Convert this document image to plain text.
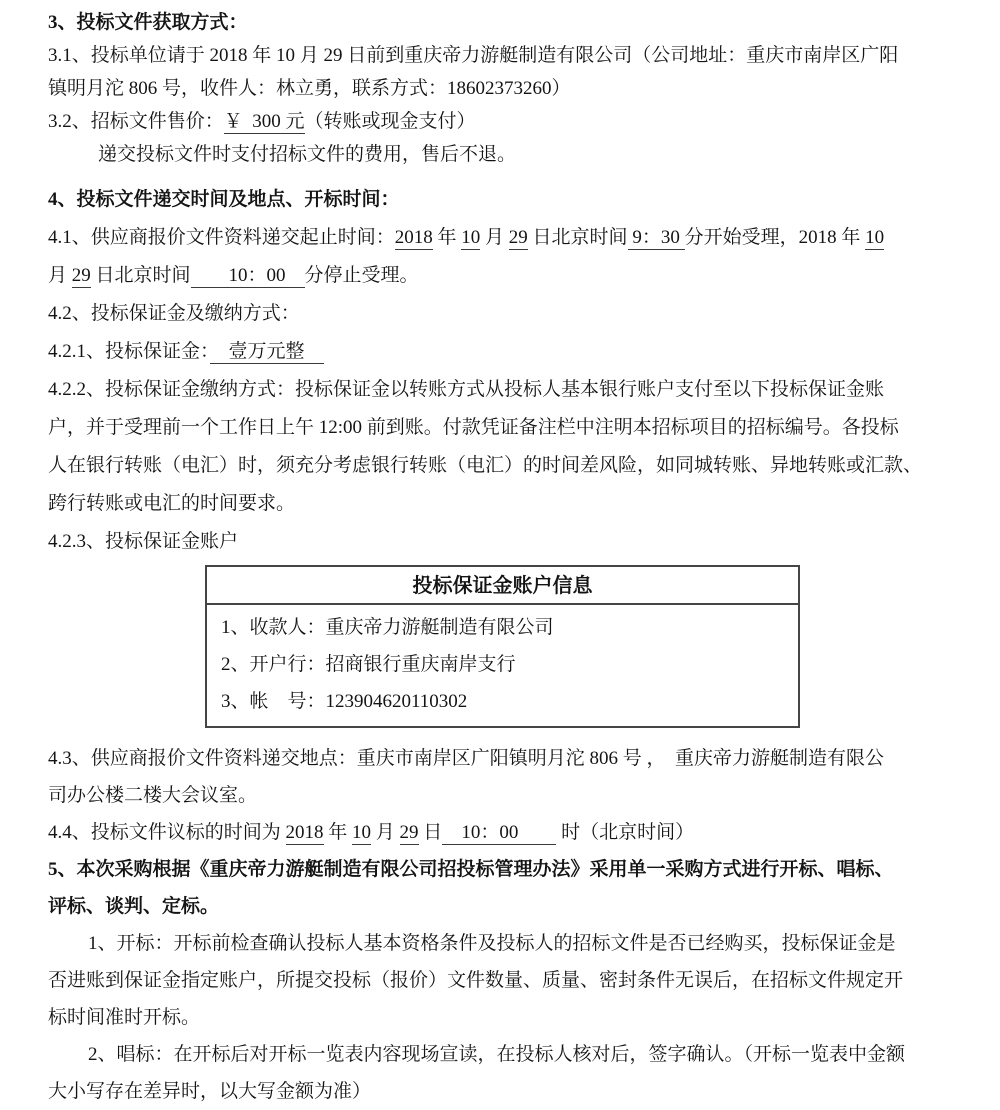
3、投标文件获取方式：
3.1、投标单位请于 2018 年 10 月 29 日前到重庆帝力游艇制造有限公司（公司地址：重庆市南岸区广阳
镇明月沱 806 号，收件人：林立勇，联系方式：18602373260）
3.2、招标文件售价：￥  300 元（转账或现金支付）
递交投标文件时支付招标文件的费用，售后不退。
4、投标文件递交时间及地点、开标时间：
4.1、供应商报价文件资料递交起止时间：2018 年 10 月 29 日北京时间 9：30 分开始受理，2018 年 10
月 29 日北京时间　　10：00　分停止受理。
4.2、投标保证金及缴纳方式：
4.2.1、投标保证金：　壹万元整　
4.2.2、投标保证金缴纳方式：投标保证金以转账方式从投标人基本银行账户支付至以下投标保证金账
户，并于受理前一个工作日上午 12:00 前到账。付款凭证备注栏中注明本招标项目的招标编号。各投标
人在银行转账（电汇）时，须充分考虑银行转账（电汇）的时间差风险，如同城转账、异地转账或汇款、
跨行转账或电汇的时间要求。
4.2.3、投标保证金账户
投标保证金账户信息
1、收款人：重庆帝力游艇制造有限公司
2、开户行：招商银行重庆南岸支行
3、帐　号：123904620110302
4.3、供应商报价文件资料递交地点：重庆市南岸区广阳镇明月沱 806 号 ，  重庆帝力游艇制造有限公
司办公楼二楼大会议室。
4.4、投标文件议标的时间为 2018 年 10 月 29 日　10：00　　 时（北京时间）
5、本次采购根据《重庆帝力游艇制造有限公司招投标管理办法》采用单一采购方式进行开标、唱标、
评标、谈判、定标。
1、开标：开标前检查确认投标人基本资格条件及投标人的招标文件是否已经购买，投标保证金是
否进账到保证金指定账户，所提交投标（报价）文件数量、质量、密封条件无误后，在招标文件规定开
标时间准时开标。
2、唱标：在开标后对开标一览表内容现场宣读，在投标人核对后，签字确认。（开标一览表中金额
大小写存在差异时，以大写金额为准）
